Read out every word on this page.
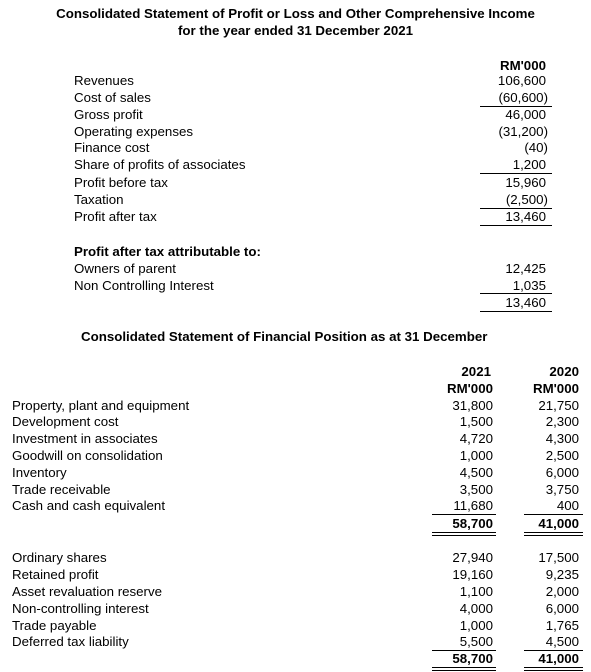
Consolidated Statement of Profit or Loss and Other Comprehensive Income
for the year ended 31 December 2021
RM'000
Revenues	106,600
Cost of sales	(60,600)
Gross profit	46,000
Operating expenses	(31,200)
Finance cost	(40)
Share of profits of associates	1,200
Profit before tax	15,960
Taxation	(2,500)
Profit after tax	13,460
Profit after tax attributable to:
Owners of parent	12,425
Non Controlling Interest	1,035
13,460
Consolidated Statement of Financial Position as at 31 December
2021	2020
RM'000	RM'000
Property, plant and equipment	31,800	21,750
Development cost	1,500	2,300
Investment in associates	4,720	4,300
Goodwill on consolidation	1,000	2,500
Inventory	4,500	6,000
Trade receivable	3,500	3,750
Cash and cash equivalent	11,680	400
58,700	41,000
Ordinary shares	27,940	17,500
Retained profit	19,160	9,235
Asset revaluation reserve	1,100	2,000
Non-controlling interest	4,000	6,000
Trade payable	1,000	1,765
Deferred tax liability	5,500	4,500
58,700	41,000
